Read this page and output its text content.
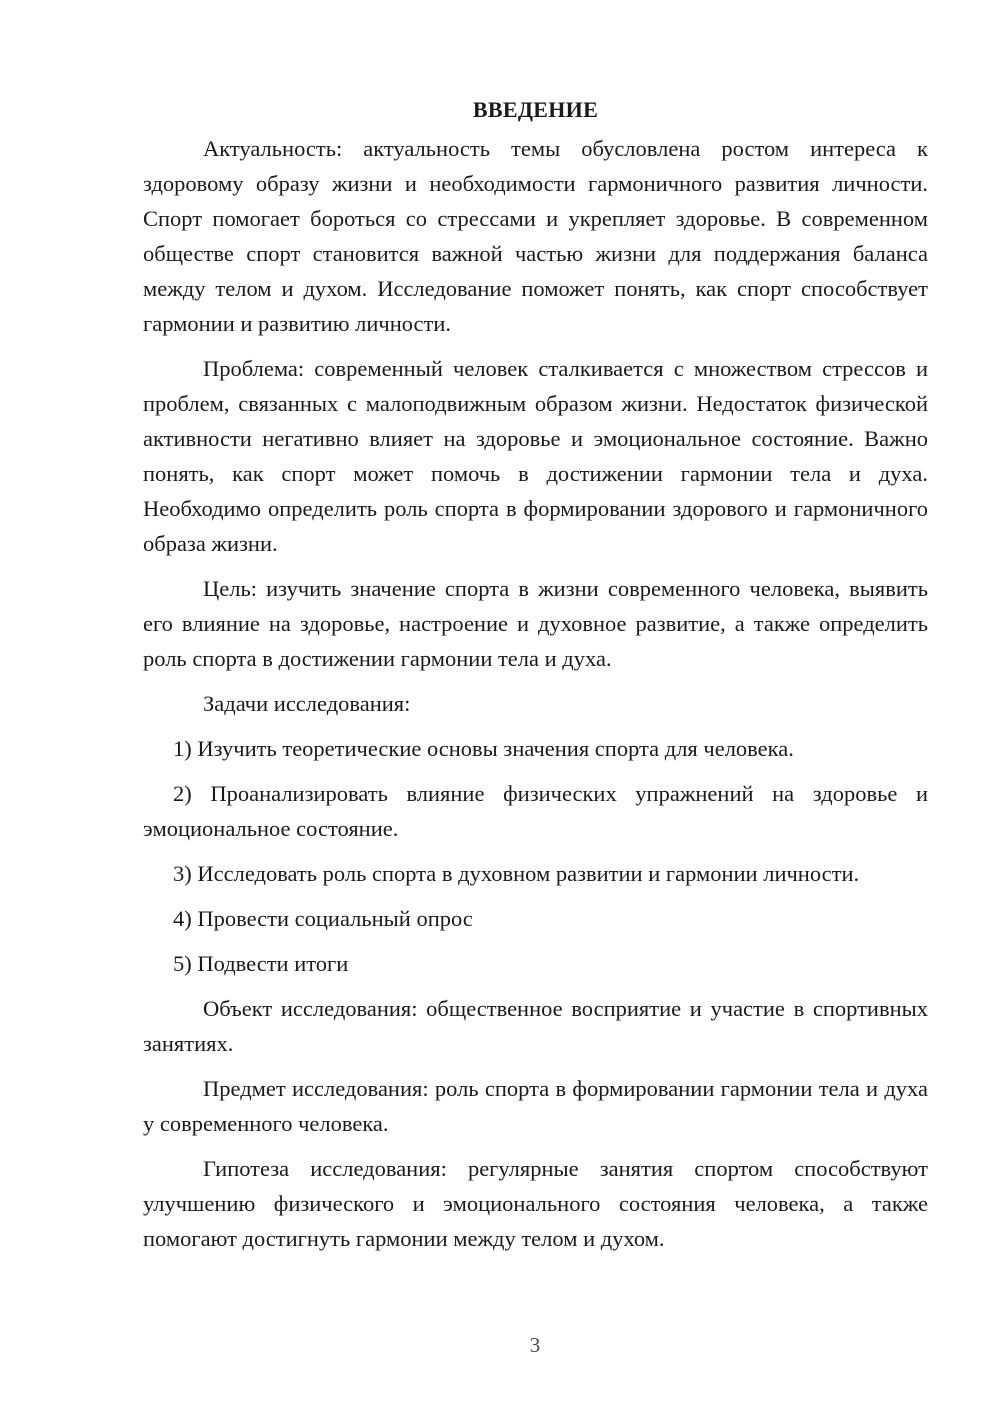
ВВЕДЕНИЕ

Актуальность: актуальность темы обусловлена ростом интереса к здоровому образу жизни и необходимости гармоничного развития личности. Спорт помогает бороться со стрессами и укрепляет здоровье. В современном обществе спорт становится важной частью жизни для поддержания баланса между телом и духом. Исследование поможет понять, как спорт способствует гармонии и развитию личности.

Проблема: современный человек сталкивается с множеством стрессов и проблем, связанных с малоподвижным образом жизни. Недостаток физической активности негативно влияет на здоровье и эмоциональное состояние. Важно понять, как спорт может помочь в достижении гармонии тела и духа. Необходимо определить роль спорта в формировании здорового и гармоничного образа жизни.

Цель: изучить значение спорта в жизни современного человека, выявить его влияние на здоровье, настроение и духовное развитие, а также определить роль спорта в достижении гармонии тела и духа.

Задачи исследования:

1) Изучить теоретические основы значения спорта для человека.

2) Проанализировать влияние физических упражнений на здоровье и эмоциональное состояние.

3) Исследовать роль спорта в духовном развитии и гармонии личности.

4) Провести социальный опрос

5) Подвести итоги

Объект исследования: общественное восприятие и участие в спортивных занятиях.

Предмет исследования: роль спорта в формировании гармонии тела и духа у современного человека.

Гипотеза исследования: регулярные занятия спортом способствуют улучшению физического и эмоционального состояния человека, а также помогают достигнуть гармонии между телом и духом.

3
